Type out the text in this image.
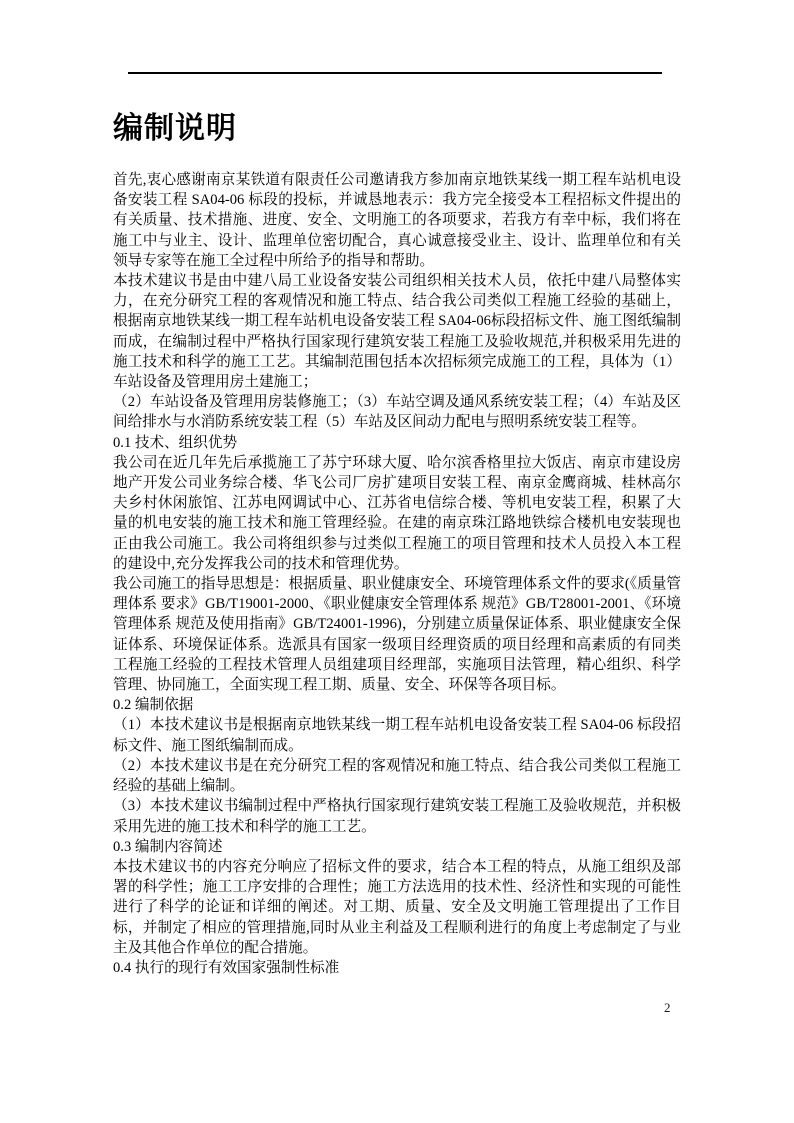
编制说明

首先,衷心感谢南京某铁道有限责任公司邀请我方参加南京地铁某线一期工程车站机电设备安装工程 SA04-06 标段的投标，并诚恳地表示：我方完全接受本工程招标文件提出的有关质量、技术措施、进度、安全、文明施工的各项要求，若我方有幸中标，我们将在施工中与业主、设计、监理单位密切配合，真心诚意接受业主、设计、监理单位和有关领导专家等在施工全过程中所给予的指导和帮助。

本技术建议书是由中建八局工业设备安装公司组织相关技术人员，依托中建八局整体实力，在充分研究工程的客观情况和施工特点、结合我公司类似工程施工经验的基础上，根据南京地铁某线一期工程车站机电设备安装工程 SA04-06标段招标文件、施工图纸编制而成，在编制过程中严格执行国家现行建筑安装工程施工及验收规范,并积极采用先进的施工技术和科学的施工工艺。其编制范围包括本次招标须完成施工的工程，具体为（1）车站设备及管理用房土建施工；

（2）车站设备及管理用房装修施工；（3）车站空调及通风系统安装工程；（4）车站及区间给排水与水消防系统安装工程（5）车站及区间动力配电与照明系统安装工程等。

0.1 技术、组织优势

我公司在近几年先后承揽施工了苏宁环球大厦、哈尔滨香格里拉大饭店、南京市建设房地产开发公司业务综合楼、华飞公司厂房扩建项目安装工程、南京金鹰商城、桂林高尔夫乡村休闲旅馆、江苏电网调试中心、江苏省电信综合楼、等机电安装工程，积累了大量的机电安装的施工技术和施工管理经验。在建的南京珠江路地铁综合楼机电安装现也正由我公司施工。我公司将组织参与过类似工程施工的项目管理和技术人员投入本工程的建设中,充分发挥我公司的技术和管理优势。

我公司施工的指导思想是：根据质量、职业健康安全、环境管理体系文件的要求(《质量管理体系 要求》GB/T19001-2000、《职业健康安全管理体系 规范》GB/T28001-2001、《环境管理体系 规范及使用指南》GB/T24001-1996)，分别建立质量保证体系、职业健康安全保证体系、环境保证体系。选派具有国家一级项目经理资质的项目经理和高素质的有同类工程施工经验的工程技术管理人员组建项目经理部，实施项目法管理，精心组织、科学管理、协同施工，全面实现工程工期、质量、安全、环保等各项目标。

0.2 编制依据

（1）本技术建议书是根据南京地铁某线一期工程车站机电设备安装工程 SA04-06 标段招标文件、施工图纸编制而成。

（2）本技术建议书是在充分研究工程的客观情况和施工特点、结合我公司类似工程施工经验的基础上编制。

（3）本技术建议书编制过程中严格执行国家现行建筑安装工程施工及验收规范，并积极采用先进的施工技术和科学的施工工艺。

0.3 编制内容简述

本技术建议书的内容充分响应了招标文件的要求，结合本工程的特点，从施工组织及部署的科学性；施工工序安排的合理性；施工方法选用的技术性、经济性和实现的可能性进行了科学的论证和详细的阐述。对工期、质量、安全及文明施工管理提出了工作目标，并制定了相应的管理措施,同时从业主利益及工程顺利进行的角度上考虑制定了与业主及其他合作单位的配合措施。

0.4 执行的现行有效国家强制性标准

2
